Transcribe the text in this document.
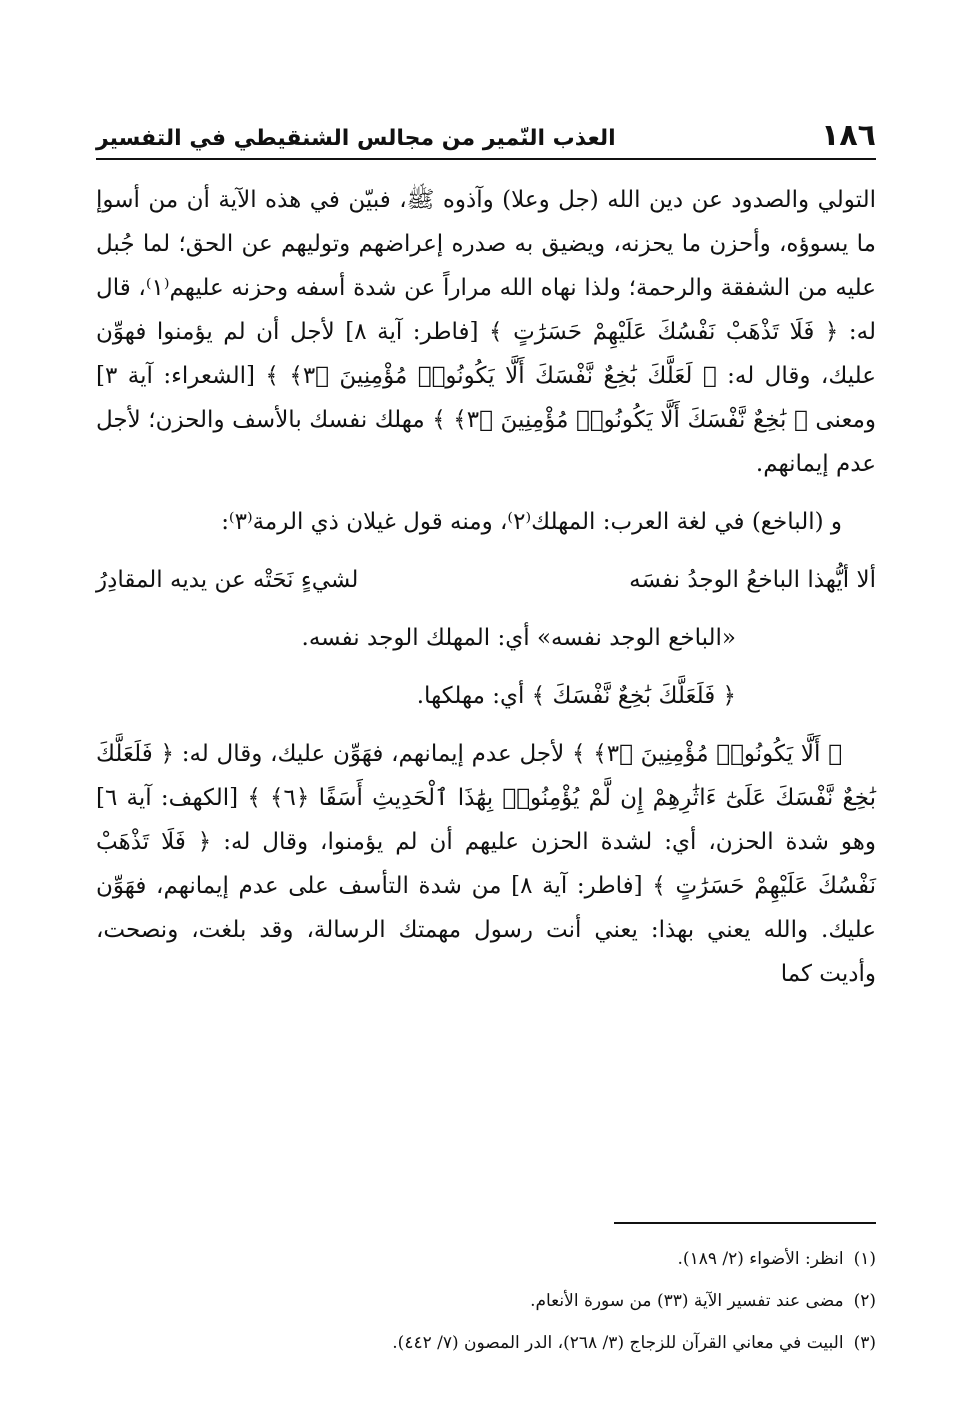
١٨٦
العذب النّمير من مجالس الشنقيطي في التفسير

التولي والصدود عن دين الله (جل وعلا) وآذوه ﷺ، فبيّن في هذه الآية أن من أسوإ ما يسوؤه، وأحزن ما يحزنه، ويضيق به صدره إعراضهم وتوليهم عن الحق؛ لما جُبل عليه من الشفقة والرحمة؛ ولذا نهاه الله مراراً عن شدة أسفه وحزنه عليهم⁽١⁾، قال له: ﴿ فَلَا تَذْهَبْ نَفْسُكَ عَلَيْهِمْ حَسَرَٰتٍ ﴾ [فاطر: آية ٨] لأجل أن لم يؤمنوا فهوِّن عليك، وقال له: ﴿ لَعَلَّكَ بَٰخِعٌ نَّفْسَكَ أَلَّا يَكُونُوا۟ مُؤْمِنِينَ ﴿٣﴾ ﴾ [الشعراء: آية ٣] ومعنى ﴿ بَٰخِعٌ نَّفْسَكَ أَلَّا يَكُونُوا۟ مُؤْمِنِينَ ﴿٣﴾ ﴾ مهلك نفسك بالأسف والحزن؛ لأجل عدم إيمانهم.

و (الباخع) في لغة العرب: المهلك⁽٢⁾، ومنه قول غيلان ذي الرمة⁽٣⁾:

ألا أيُّهذا الباخعُ الوجدُ نفسَه
لشيءٍ نَحَتْه عن يديه المقادِرُ

«الباخع الوجد نفسه» أي: المهلك الوجد نفسه.

﴿ فَلَعَلَّكَ بَٰخِعٌ نَّفْسَكَ ﴾ أي: مهلكها.

﴿ أَلَّا يَكُونُوا۟ مُؤْمِنِينَ ﴿٣﴾ ﴾ لأجل عدم إيمانهم، فهَوِّن عليك، وقال له: ﴿ فَلَعَلَّكَ بَٰخِعٌ نَّفْسَكَ عَلَىٰٓ ءَاثَٰرِهِمْ إِن لَّمْ يُؤْمِنُوا۟ بِهَٰذَا ٱلْحَدِيثِ أَسَفًا ﴿٦﴾ ﴾ [الكهف: آية ٦] وهو شدة الحزن، أي: لشدة الحزن عليهم أن لم يؤمنوا، وقال له: ﴿ فَلَا تَذْهَبْ نَفْسُكَ عَلَيْهِمْ حَسَرَٰتٍ ﴾ [فاطر: آية ٨] من شدة التأسف على عدم إيمانهم، فهَوِّن عليك. والله يعني بهذا: يعني أنت رسول مهمتك الرسالة، وقد بلغت، ونصحت، وأديت كما

(١)
انظر: الأضواء (٢/ ١٨٩).
(٢)
مضى عند تفسير الآية (٣٣) من سورة الأنعام.
(٣)
البيت في معاني القرآن للزجاج (٣/ ٢٦٨)، الدر المصون (٧/ ٤٤٢).
